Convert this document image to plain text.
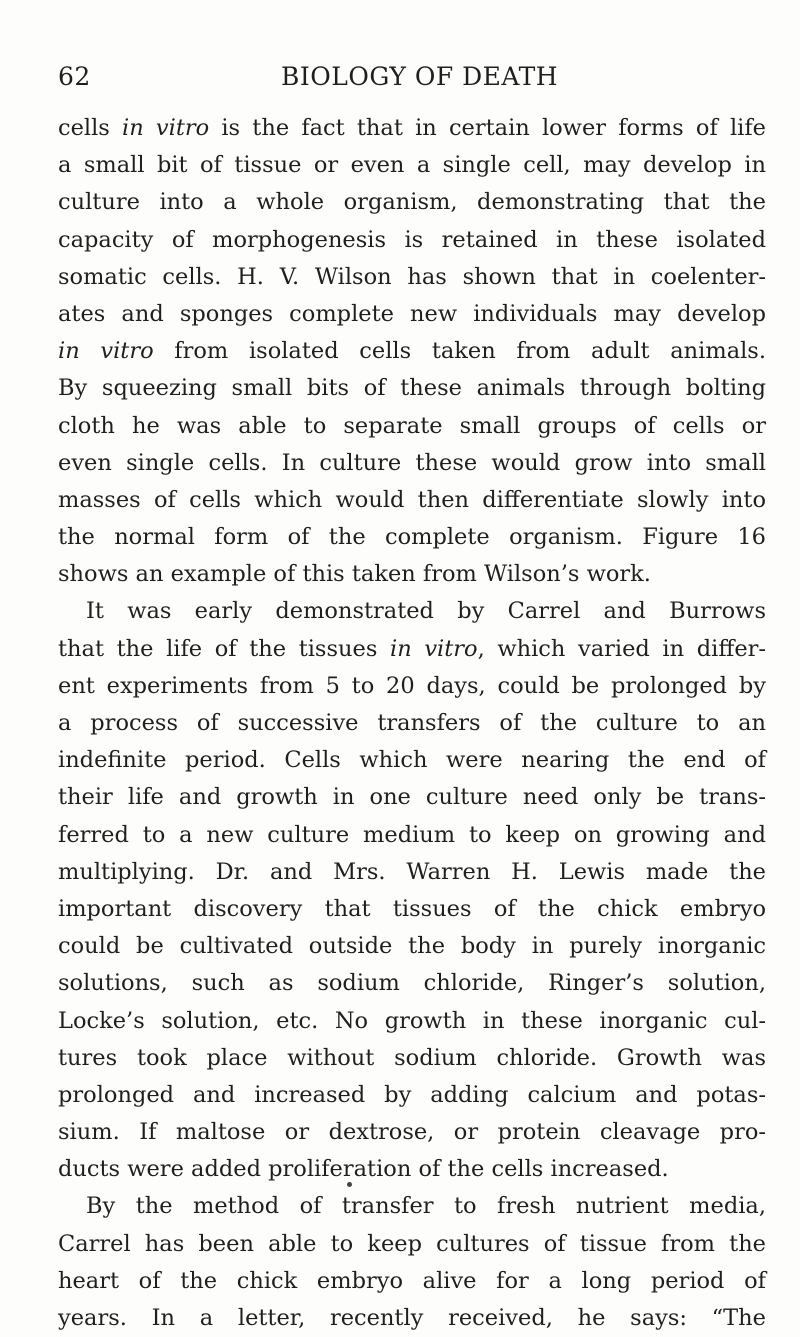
62	BIOLOGY OF DEATH
cells in vitro is the fact that in certain lower forms of life
a small bit of tissue or even a single cell, may develop in
culture into a whole organism, demonstrating that the
capacity of morphogenesis is retained in these isolated
somatic cells. H. V. Wilson has shown that in coelenter-
ates and sponges complete new individuals may develop
in vitro from isolated cells taken from adult animals.
By squeezing small bits of these animals through bolting
cloth he was able to separate small groups of cells or
even single cells. In culture these would grow into small
masses of cells which would then differentiate slowly into
the normal form of the complete organism. Figure 16
shows an example of this taken from Wilson’s work.
It was early demonstrated by Carrel and Burrows
that the life of the tissues in vitro, which varied in differ-
ent experiments from 5 to 20 days, could be prolonged by
a process of successive transfers of the culture to an
indefinite period. Cells which were nearing the end of
their life and growth in one culture need only be trans-
ferred to a new culture medium to keep on growing and
multiplying. Dr. and Mrs. Warren H. Lewis made the
important discovery that tissues of the chick embryo
could be cultivated outside the body in purely inorganic
solutions, such as sodium chloride, Ringer’s solution,
Locke’s solution, etc. No growth in these inorganic cul-
tures took place without sodium chloride. Growth was
prolonged and increased by adding calcium and potas-
sium. If maltose or dextrose, or protein cleavage pro-
ducts were added proliferation of the cells increased.
By the method of transfer to fresh nutrient media,
Carrel has been able to keep cultures of tissue from the
heart of the chick embryo alive for a long period of
years. In a letter, recently received, he says: “The
